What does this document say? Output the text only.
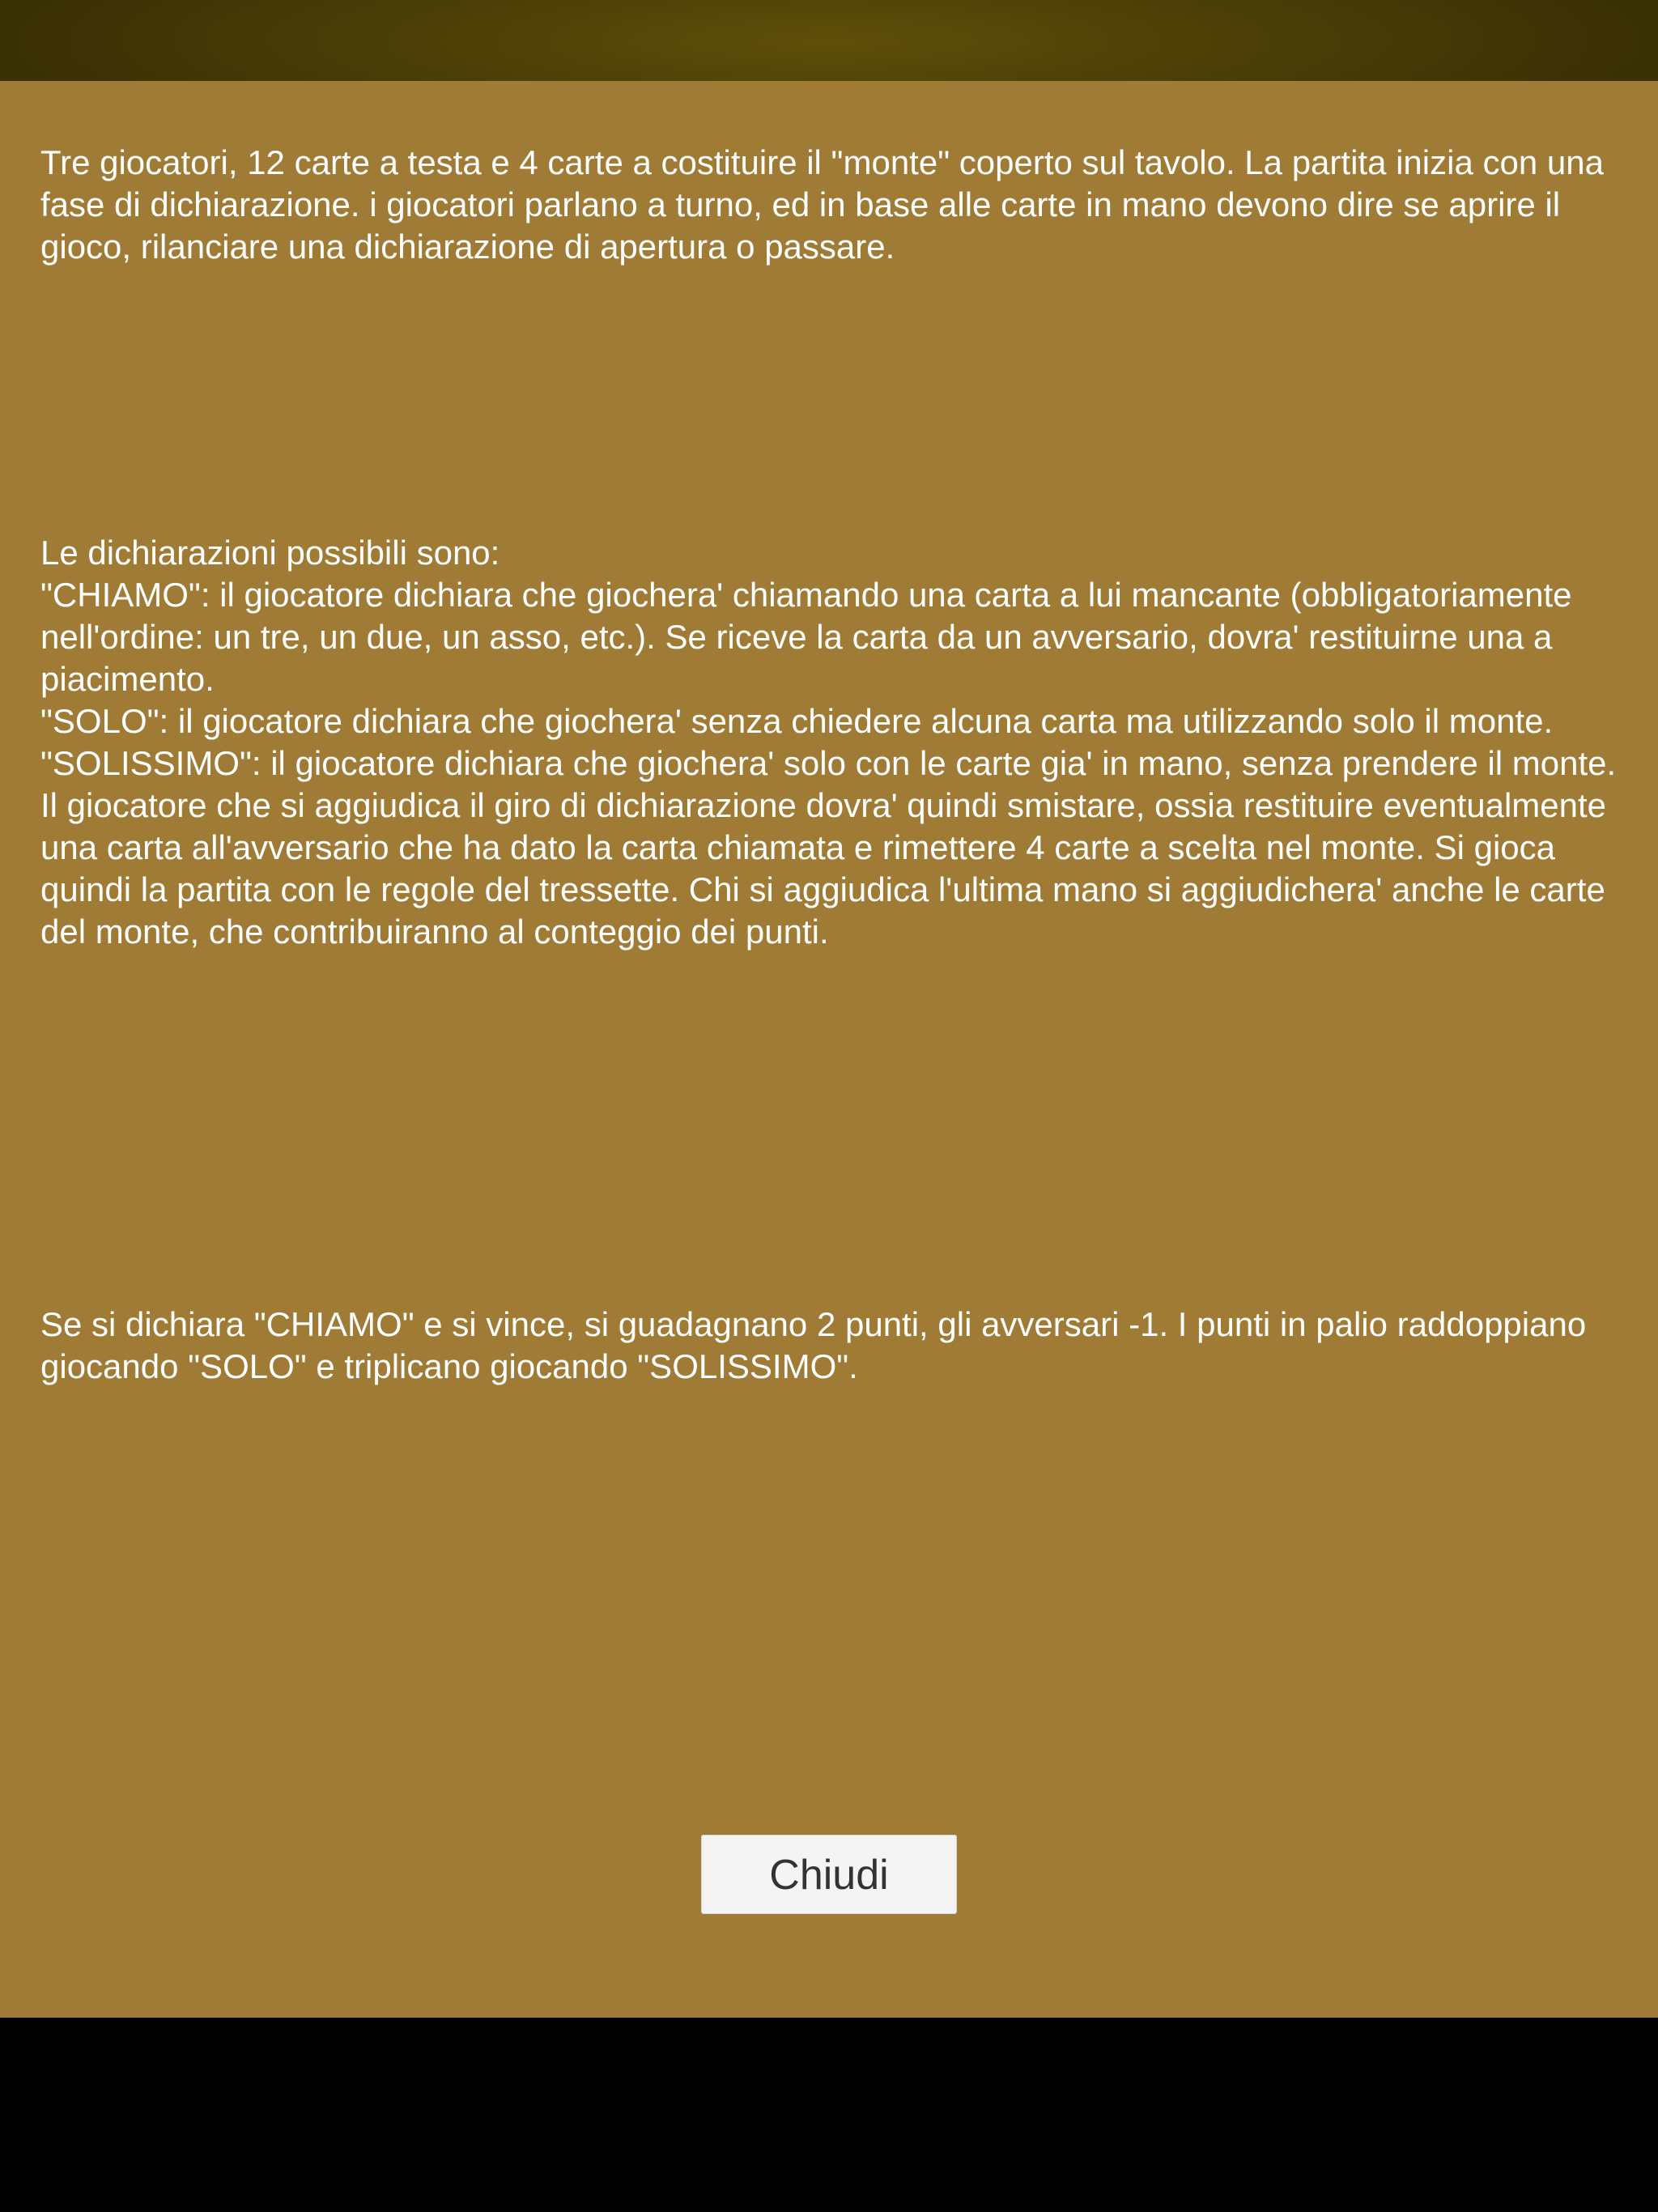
Tre giocatori, 12 carte a testa e 4 carte a costituire il "monte" coperto sul tavolo. La partita inizia con una fase di dichiarazione. i giocatori parlano a turno, ed in base alle carte in mano devono dire se aprire il gioco, rilanciare una dichiarazione di apertura o passare.

Le dichiarazioni possibili sono:
"CHIAMO": il giocatore dichiara che giochera' chiamando una carta a lui mancante (obbligatoriamente nell'ordine: un tre, un due, un asso, etc.). Se riceve la carta da un avversario, dovra' restituirne una a piacimento.
"SOLO": il giocatore dichiara che giochera' senza chiedere alcuna carta ma utilizzando solo il monte.
"SOLISSIMO": il giocatore dichiara che giochera' solo con le carte gia' in mano, senza prendere il monte.
Il giocatore che si aggiudica il giro di dichiarazione dovra' quindi smistare, ossia restituire eventualmente una carta all'avversario che ha dato la carta chiamata e rimettere 4 carte a scelta nel monte. Si gioca quindi la partita con le regole del tressette. Chi si aggiudica l'ultima mano si aggiudichera' anche le carte del monte, che contribuiranno al conteggio dei punti.

Se si dichiara "CHIAMO" e si vince, si guadagnano 2 punti, gli avversari -1. I punti in palio raddoppiano giocando "SOLO" e triplicano giocando "SOLISSIMO".

Chiudi
